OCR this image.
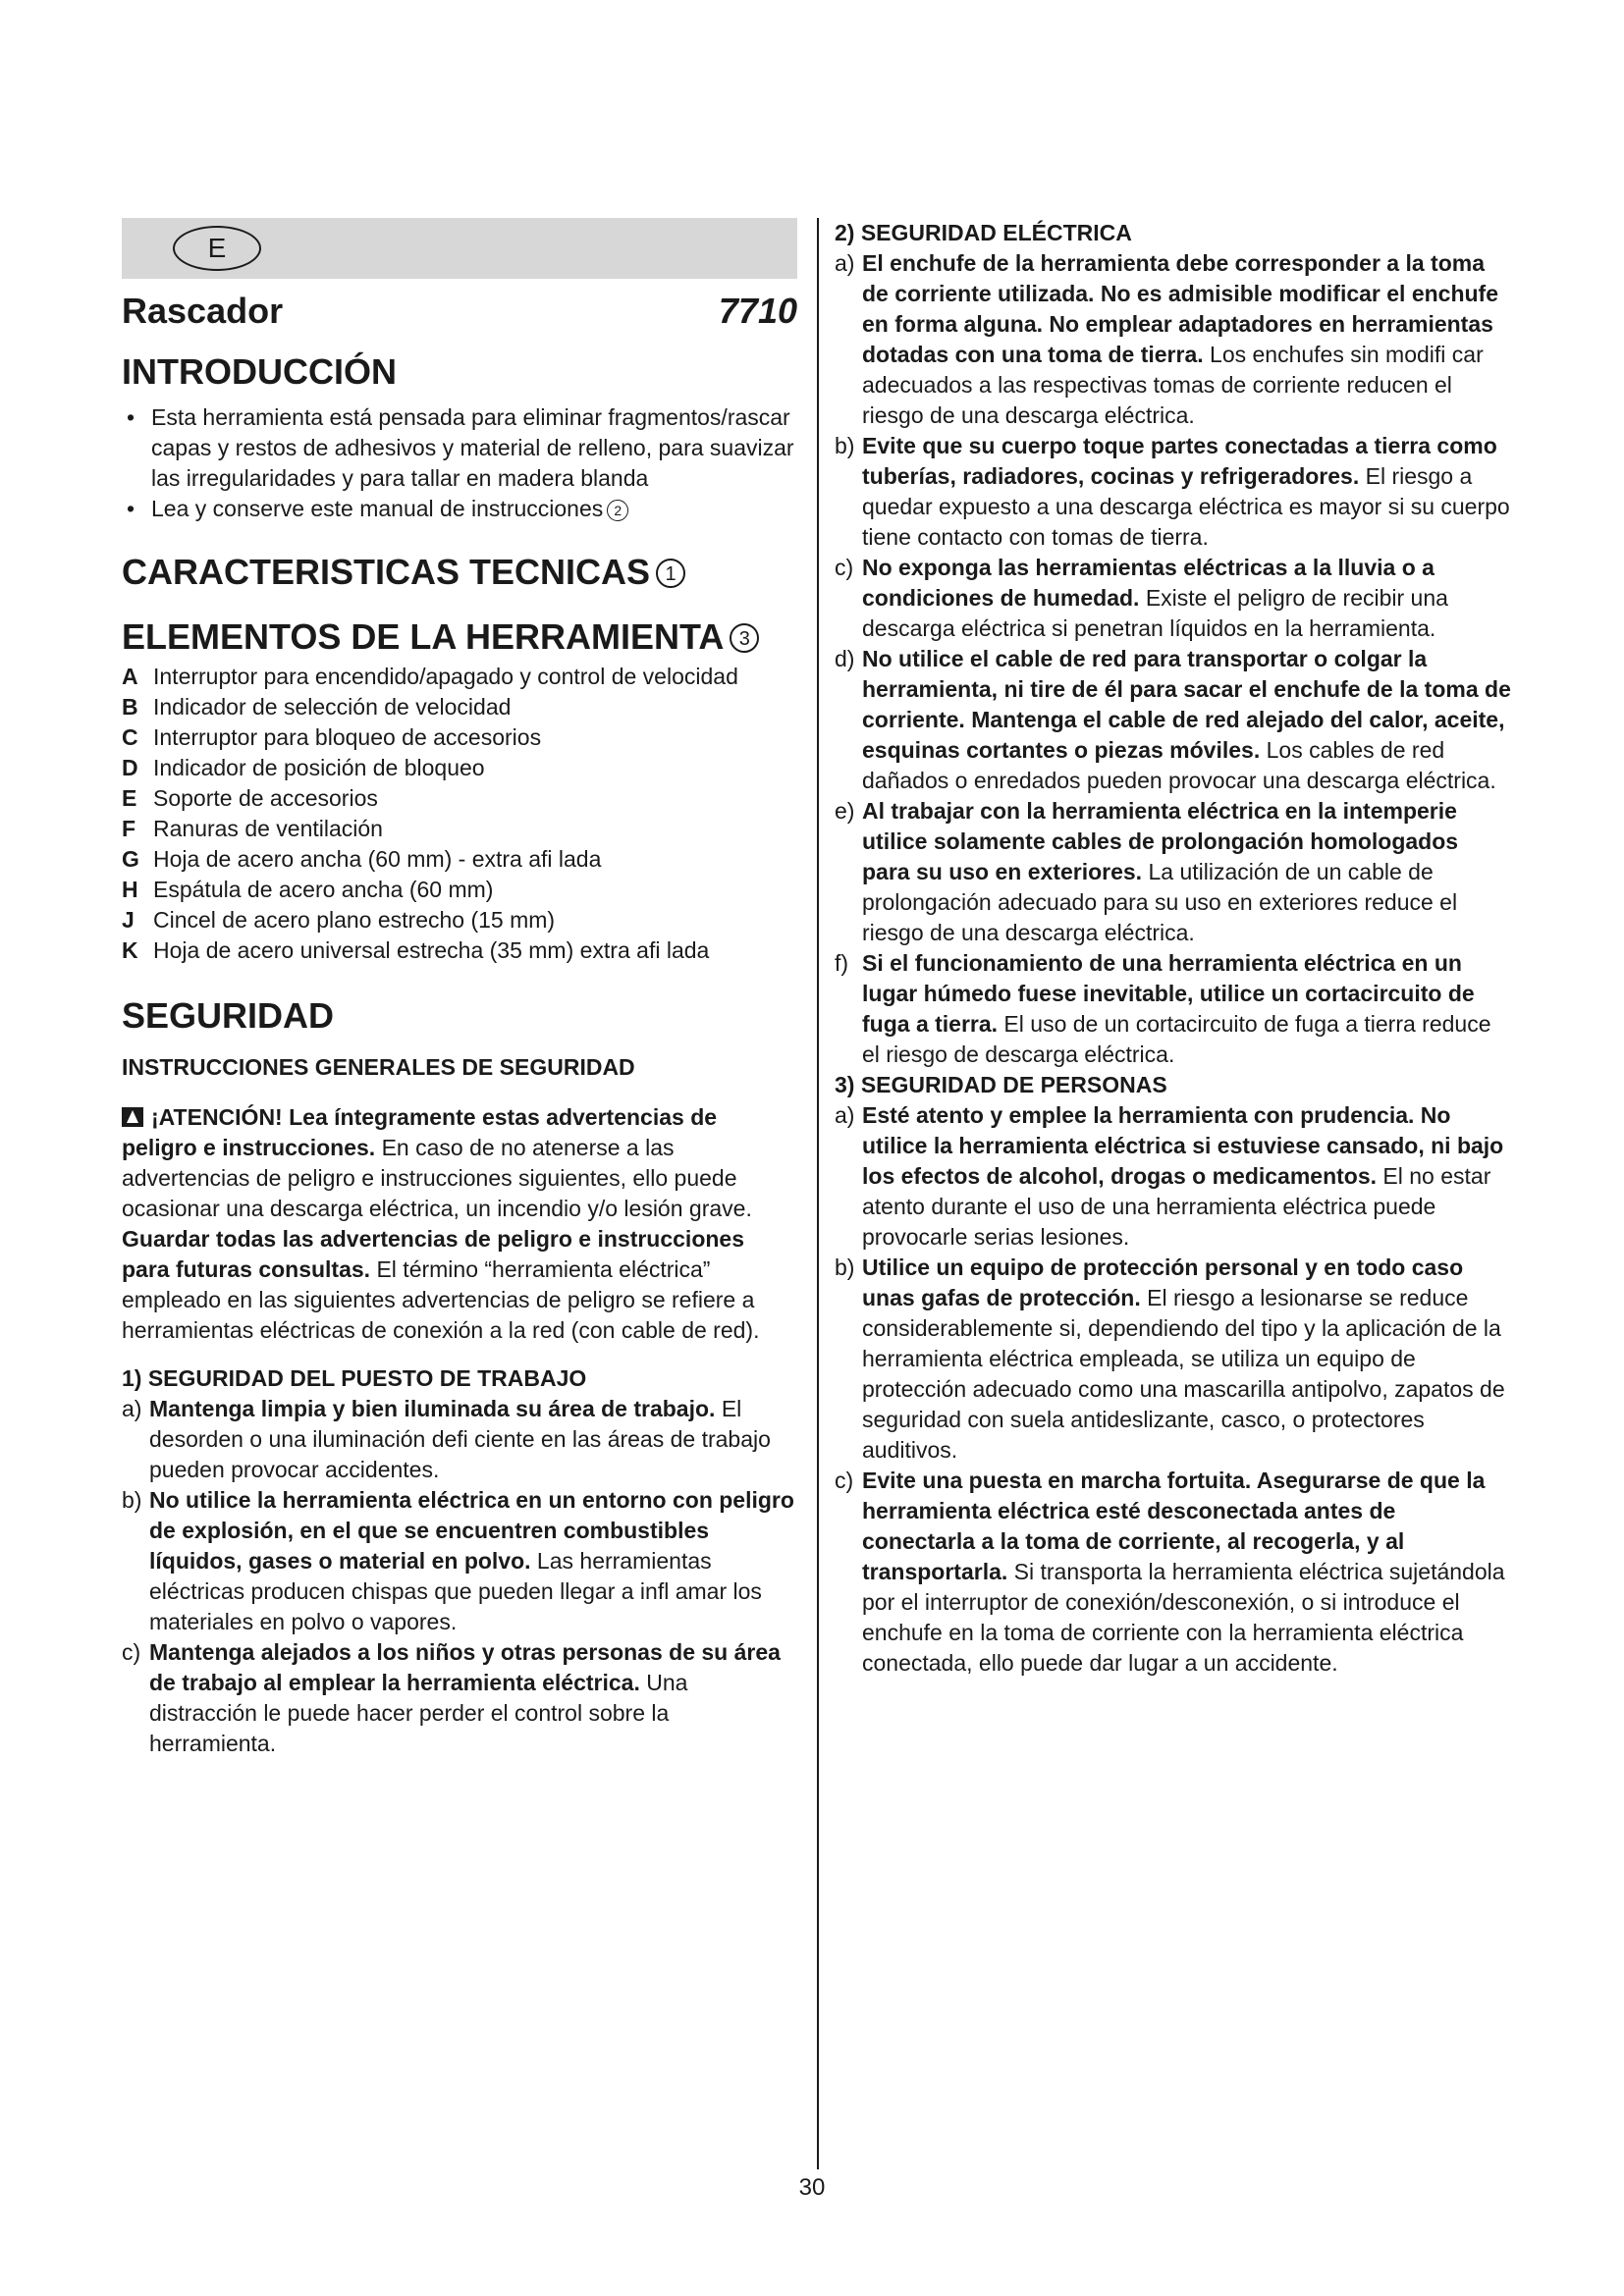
E
Rascador	7710
INTRODUCCIÓN
• Esta herramienta está pensada para eliminar fragmentos/rascar capas y restos de adhesivos y material de relleno, para suavizar las irregularidades y para tallar en madera blanda
• Lea y conserve este manual de instrucciones 2
CARACTERISTICAS TECNICAS 1
ELEMENTOS DE LA HERRAMIENTA 3
A Interruptor para encendido/apagado y control de velocidad
B Indicador de selección de velocidad
C Interruptor para bloqueo de accesorios
D Indicador de posición de bloqueo
E Soporte de accesorios
F Ranuras de ventilación
G Hoja de acero ancha (60 mm) - extra afi lada
H Espátula de acero ancha (60 mm)
J Cincel de acero plano estrecho (15 mm)
K Hoja de acero universal estrecha (35 mm) extra afi lada
SEGURIDAD
INSTRUCCIONES GENERALES DE SEGURIDAD

¡ATENCIÓN! Lea íntegramente estas advertencias de peligro e instrucciones. En caso de no atenerse a las advertencias de peligro e instrucciones siguientes, ello puede ocasionar una descarga eléctrica, un incendio y/o lesión grave. Guardar todas las advertencias de peligro e instrucciones para futuras consultas. El término “herramienta eléctrica” empleado en las siguientes advertencias de peligro se refiere a herramientas eléctricas de conexión a la red (con cable de red).

1) SEGURIDAD DEL PUESTO DE TRABAJO

a) Mantenga limpia y bien iluminada su área de trabajo. El desorden o una iluminación defi ciente en las áreas de trabajo pueden provocar accidentes.

b) No utilice la herramienta eléctrica en un entorno con peligro de explosión, en el que se encuentren combustibles líquidos, gases o material en polvo. Las herramientas eléctricas producen chispas que pueden llegar a infl amar los materiales en polvo o vapores.

c) Mantenga alejados a los niños y otras personas de su área de trabajo al emplear la herramienta eléctrica. Una distracción le puede hacer perder el control sobre la herramienta.

2) SEGURIDAD ELÉCTRICA

a) El enchufe de la herramienta debe corresponder a la toma de corriente utilizada. No es admisible modificar el enchufe en forma alguna. No emplear adaptadores en herramientas dotadas con una toma de tierra. Los enchufes sin modifi car adecuados a las respectivas tomas de corriente reducen el riesgo de una descarga eléctrica.

b) Evite que su cuerpo toque partes conectadas a tierra como tuberías, radiadores, cocinas y refrigeradores. El riesgo a quedar expuesto a una descarga eléctrica es mayor si su cuerpo tiene contacto con tomas de tierra.

c) No exponga las herramientas eléctricas a la lluvia o a condiciones de humedad. Existe el peligro de recibir una descarga eléctrica si penetran líquidos en la herramienta.

d) No utilice el cable de red para transportar o colgar la herramienta, ni tire de él para sacar el enchufe de la toma de corriente. Mantenga el cable de red alejado del calor, aceite, esquinas cortantes o piezas móviles. Los cables de red dañados o enredados pueden provocar una descarga eléctrica.

e) Al trabajar con la herramienta eléctrica en la intemperie utilice solamente cables de prolongación homologados para su uso en exteriores. La utilización de un cable de prolongación adecuado para su uso en exteriores reduce el riesgo de una descarga eléctrica.

f) Si el funcionamiento de una herramienta eléctrica en un lugar húmedo fuese inevitable, utilice un cortacircuito de fuga a tierra. El uso de un cortacircuito de fuga a tierra reduce el riesgo de descarga eléctrica.

3) SEGURIDAD DE PERSONAS

a) Esté atento y emplee la herramienta con prudencia. No utilice la herramienta eléctrica si estuviese cansado, ni bajo los efectos de alcohol, drogas o medicamentos. El no estar atento durante el uso de una herramienta eléctrica puede provocarle serias lesiones.

b) Utilice un equipo de protección personal y en todo caso unas gafas de protección. El riesgo a lesionarse se reduce considerablemente si, dependiendo del tipo y la aplicación de la herramienta eléctrica empleada, se utiliza un equipo de protección adecuado como una mascarilla antipolvo, zapatos de seguridad con suela antideslizante, casco, o protectores auditivos.

c) Evite una puesta en marcha fortuita. Asegurarse de que la herramienta eléctrica esté desconectada antes de conectarla a la toma de corriente, al recogerla, y al transportarla. Si transporta la herramienta eléctrica sujetándola por el interruptor de conexión/desconexión, o si introduce el enchufe en la toma de corriente con la herramienta eléctrica conectada, ello puede dar lugar a un accidente.

30
